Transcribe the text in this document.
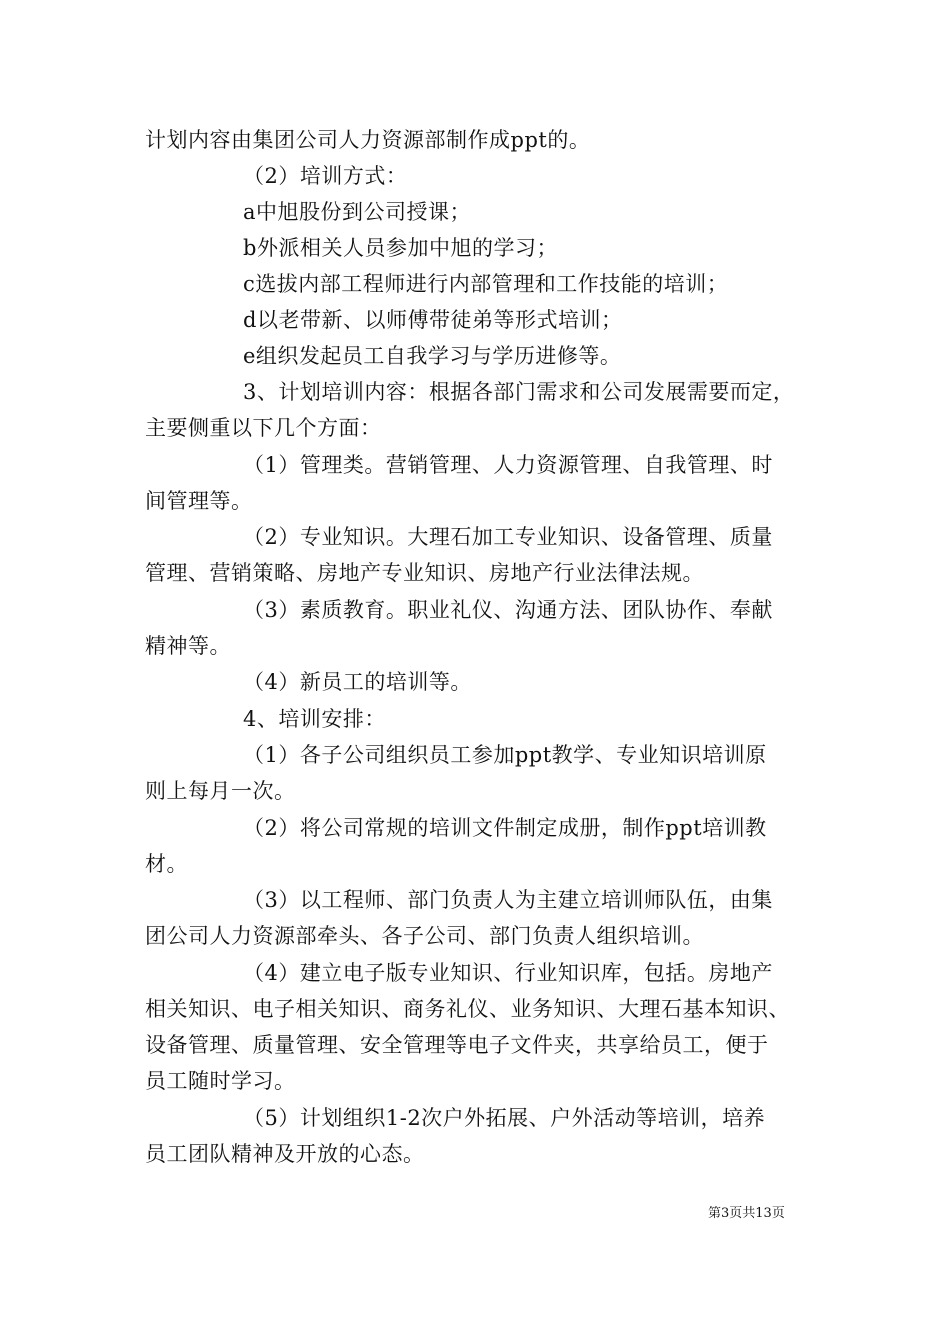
计划内容由集团公司人力资源部制作成ppt的。
（2）培训方式：
a中旭股份到公司授课；
b外派相关人员参加中旭的学习；
c选拔内部工程师进行内部管理和工作技能的培训；
d以老带新、以师傅带徒弟等形式培训；
e组织发起员工自我学习与学历进修等。
3、计划培训内容：根据各部门需求和公司发展需要而定，
主要侧重以下几个方面：
（1）管理类。营销管理、人力资源管理、自我管理、时
间管理等。
（2）专业知识。大理石加工专业知识、设备管理、质量
管理、营销策略、房地产专业知识、房地产行业法律法规。
（3）素质教育。职业礼仪、沟通方法、团队协作、奉献
精神等。
（4）新员工的培训等。
4、培训安排：
（1）各子公司组织员工参加ppt教学、专业知识培训原
则上每月一次。
（2）将公司常规的培训文件制定成册，制作ppt培训教
材。
（3）以工程师、部门负责人为主建立培训师队伍，由集
团公司人力资源部牵头、各子公司、部门负责人组织培训。
（4）建立电子版专业知识、行业知识库，包括。房地产
相关知识、电子相关知识、商务礼仪、业务知识、大理石基本知识、
设备管理、质量管理、安全管理等电子文件夹，共享给员工，便于
员工随时学习。
（5）计划组织1-2次户外拓展、户外活动等培训，培养
员工团队精神及开放的心态。
第3页共13页
